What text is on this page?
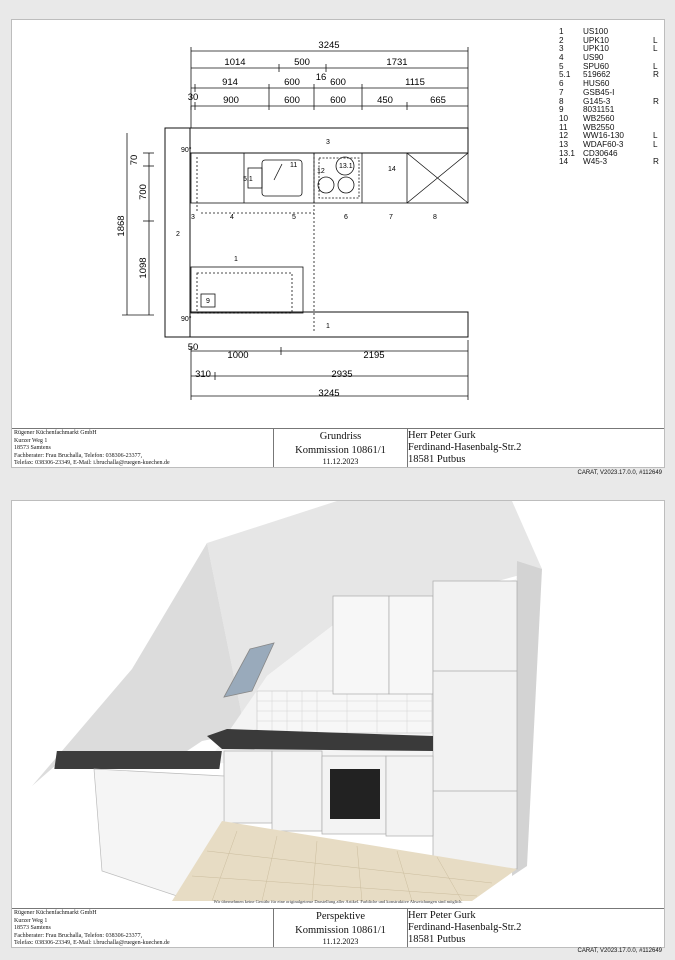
3245
1014	500	1731
16
914	600	600	1115
30	900	600	600	450	665
50
1000	2195
310	2935
3245
1868
70
700
1098
90°
90°
3
1
1
2
3	4	5
5.1
6	7	8
9
11
12
13.1	14
1 US100
2 UPK10	L
3 UPK10	L
4 US90
5 SPU60	L
5.1 519662	R
6 HUS60
7 GSB45-I
8 G145-3	R
9 8031151
10 WB2560
11 WB2550
12 WW16-130	L
13 WDAF60-3	L
13.1 CD30646
14 W45-3	R
Rügener Küchenfachmarkt GmbH
Kurzer Weg 1
18573 Samtens
Fachberater: Frau Bruchalla, Telefon: 038306-23377,
Telefax: 038306-23349, E-Mail: i.bruchalla@ruegen-kuechen.de
Grundriss
Kommission 10861/1
11.12.2023
Herr Peter Gurk
Ferdinand-Hasenbalg-Str.2
18581 Putbus
CARAT, V2023.17.0.0, #112649
Wir übernehmen keine Gewähr für eine originalgetreue Darstellung aller Artikel. Farbliche und konstruktive Abweichungen sind möglich.
Rügener Küchenfachmarkt GmbH
Kurzer Weg 1
18573 Samtens
Fachberater: Frau Bruchalla, Telefon: 038306-23377,
Telefax: 038306-23349, E-Mail: i.bruchalla@ruegen-kuechen.de
Perspektive
Kommission 10861/1
11.12.2023
Herr Peter Gurk
Ferdinand-Hasenbalg-Str.2
18581 Putbus
CARAT, V2023.17.0.0, #112649
